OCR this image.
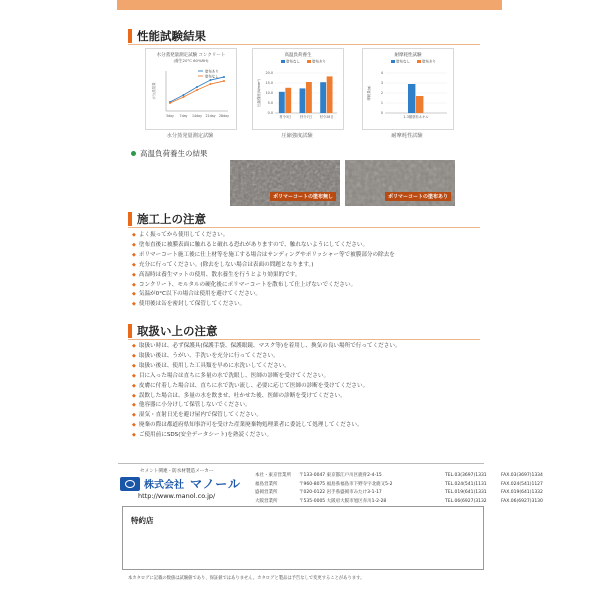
性能試験結果
水分蒸発量測定試験 コンクリート
(養生20°C 60%RH)
3day 7day 14day 21day 28day
水分蒸発量
塗布あり
塗布なし
水分蒸発量測定試験
高温負荷養生
0.0
5.0
10.0
15.0
20.0
材令3日	材令7日 材令28日
圧縮強度(N/mm²)
塗布なし	塗布あり
圧縮強度試験
耐摩耗性試験
0
1
2
3
4
1-3層塗料ネキル
摩耗量(g)
塗布なし	塗布あり
耐摩耗性試験
高温負荷養生の結果
ポリマーコートの塗布無し	ポリマーコートの塗布あり
施工上の注意
◆ よく振ってから使用してください。
◆ 塗布直後に被膜表面に触れると破れる恐れがありますので、触れないようにしてください。
◆ ポリマーコート施工後に仕上材等を施工する場合はサンディングやポリッシャー等で被膜部分の除去を
◆ 充分に行ってください。(除去をしない場合は表面の問題となります。)
◆ 高湿時は養生マットの使用、散水養生を行うとより効果的です。
◆ コンクリート、モルタルの硬化後にポリマーコートを散布して仕上げないでください。
◆ 気温が0°C以下の場合は使用を避けてください。
◆ 使用後は缶を密封して保管してください。
取扱い上の注意
◆ 取扱い時は、必ず保護具(保護手袋、保護眼鏡、マスク等)を着用し、換気の良い場所で行ってください。
◆ 取扱い後は、うがい、手洗いを充分に行ってください。
◆ 取扱い後は、使用した工具類を早めに水洗いしてください。
◆ 目に入った場合は直ちに多量の水で洗眼し、医師の診断を受けてください。
◆ 皮膚に付着した場合は、直ちに水で洗い流し、必要に応じて医師の診断を受けてください。
◆ 誤飲した場合は、多量の水を飲ませ、吐かせた後、医師の診断を受けてください。
◆ 他容器に小分けして保管しないでください。
◆ 湿気・直射日光を避け屋内で保管してください。
◆ 廃棄の際は都道府県知事許可を受けた産業廃棄物処理業者に委託して処理してください。
◆ ご使用前にSDS(安全データシート)を熟読ください。
セメント関連・防水材製造メーカー
株式会社 マノール
http://www.manol.co.jp/
本社・東京営業所	〒133-0047 東京都江戸川区鹿骨2-4-15	TEL.03(3697)1331	FAX.03(3697)1334
福島営業所	〒960-8075 福島県福島市下野寺字北鹿又5-2	TEL.024(541)1131	FAX.024(541)1127
盛岡営業所	〒020-0122 岩手県盛岡市みたけ3-1-17	TEL.019(641)1331	FAX.019(641)1332
大阪営業所	〒535-0005 大阪府大阪市旭区赤川1-2-28	TEL.06(6927)3132	FAX.06(6927)3130
特約店
本カタログに記載の数値は試験値であり、保証値ではありません。カタログと製品は予告なしで変更することがあります。
